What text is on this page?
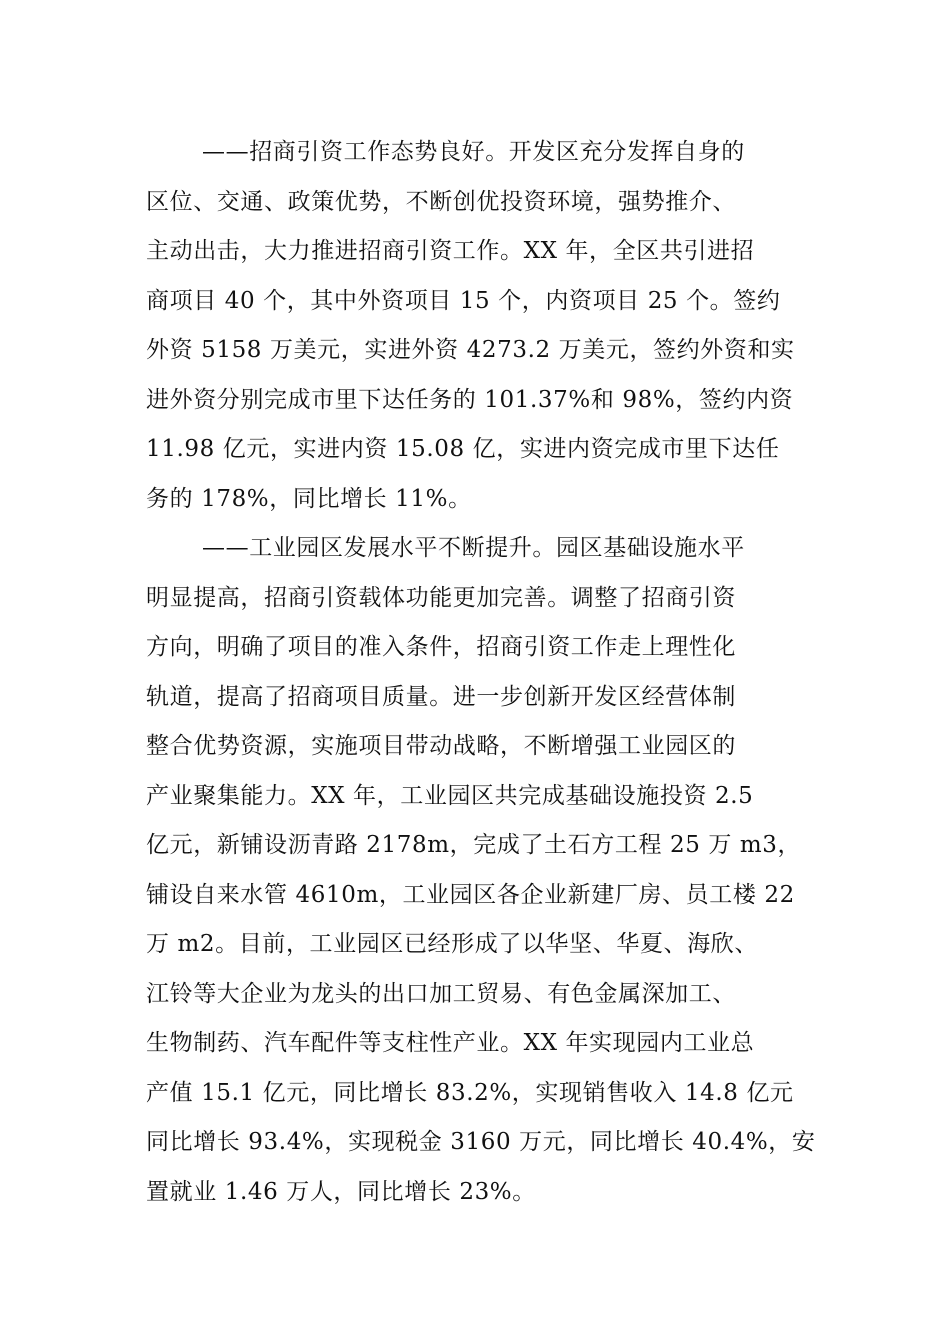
——招商引资工作态势良好。开发区充分发挥自身的
区位、交通、政策优势，不断创优投资环境，强势推介、
主动出击，大力推进招商引资工作。XX 年，全区共引进招
商项目 40 个，其中外资项目 15 个，内资项目 25 个。签约
外资 5158 万美元，实进外资 4273.2 万美元，签约外资和实
进外资分别完成市里下达任务的 101.37%和 98%，签约内资
11.98 亿元，实进内资 15.08 亿，实进内资完成市里下达任
务的 178%，同比增长 11%。
——工业园区发展水平不断提升。园区基础设施水平
明显提高，招商引资载体功能更加完善。调整了招商引资
方向，明确了项目的准入条件，招商引资工作走上理性化
轨道，提高了招商项目质量。进一步创新开发区经营体制
整合优势资源，实施项目带动战略，不断增强工业园区的
产业聚集能力。XX 年，工业园区共完成基础设施投资 2.5
亿元，新铺设沥青路 2178m，完成了土石方工程 25 万 m3，
铺设自来水管 4610m，工业园区各企业新建厂房、员工楼 22
万 m2。目前，工业园区已经形成了以华坚、华夏、海欣、
江铃等大企业为龙头的出口加工贸易、有色金属深加工、
生物制药、汽车配件等支柱性产业。XX 年实现园内工业总
产值 15.1 亿元，同比增长 83.2%，实现销售收入 14.8 亿元
同比增长 93.4%，实现税金 3160 万元，同比增长 40.4%，安
置就业 1.46 万人，同比增长 23%。
